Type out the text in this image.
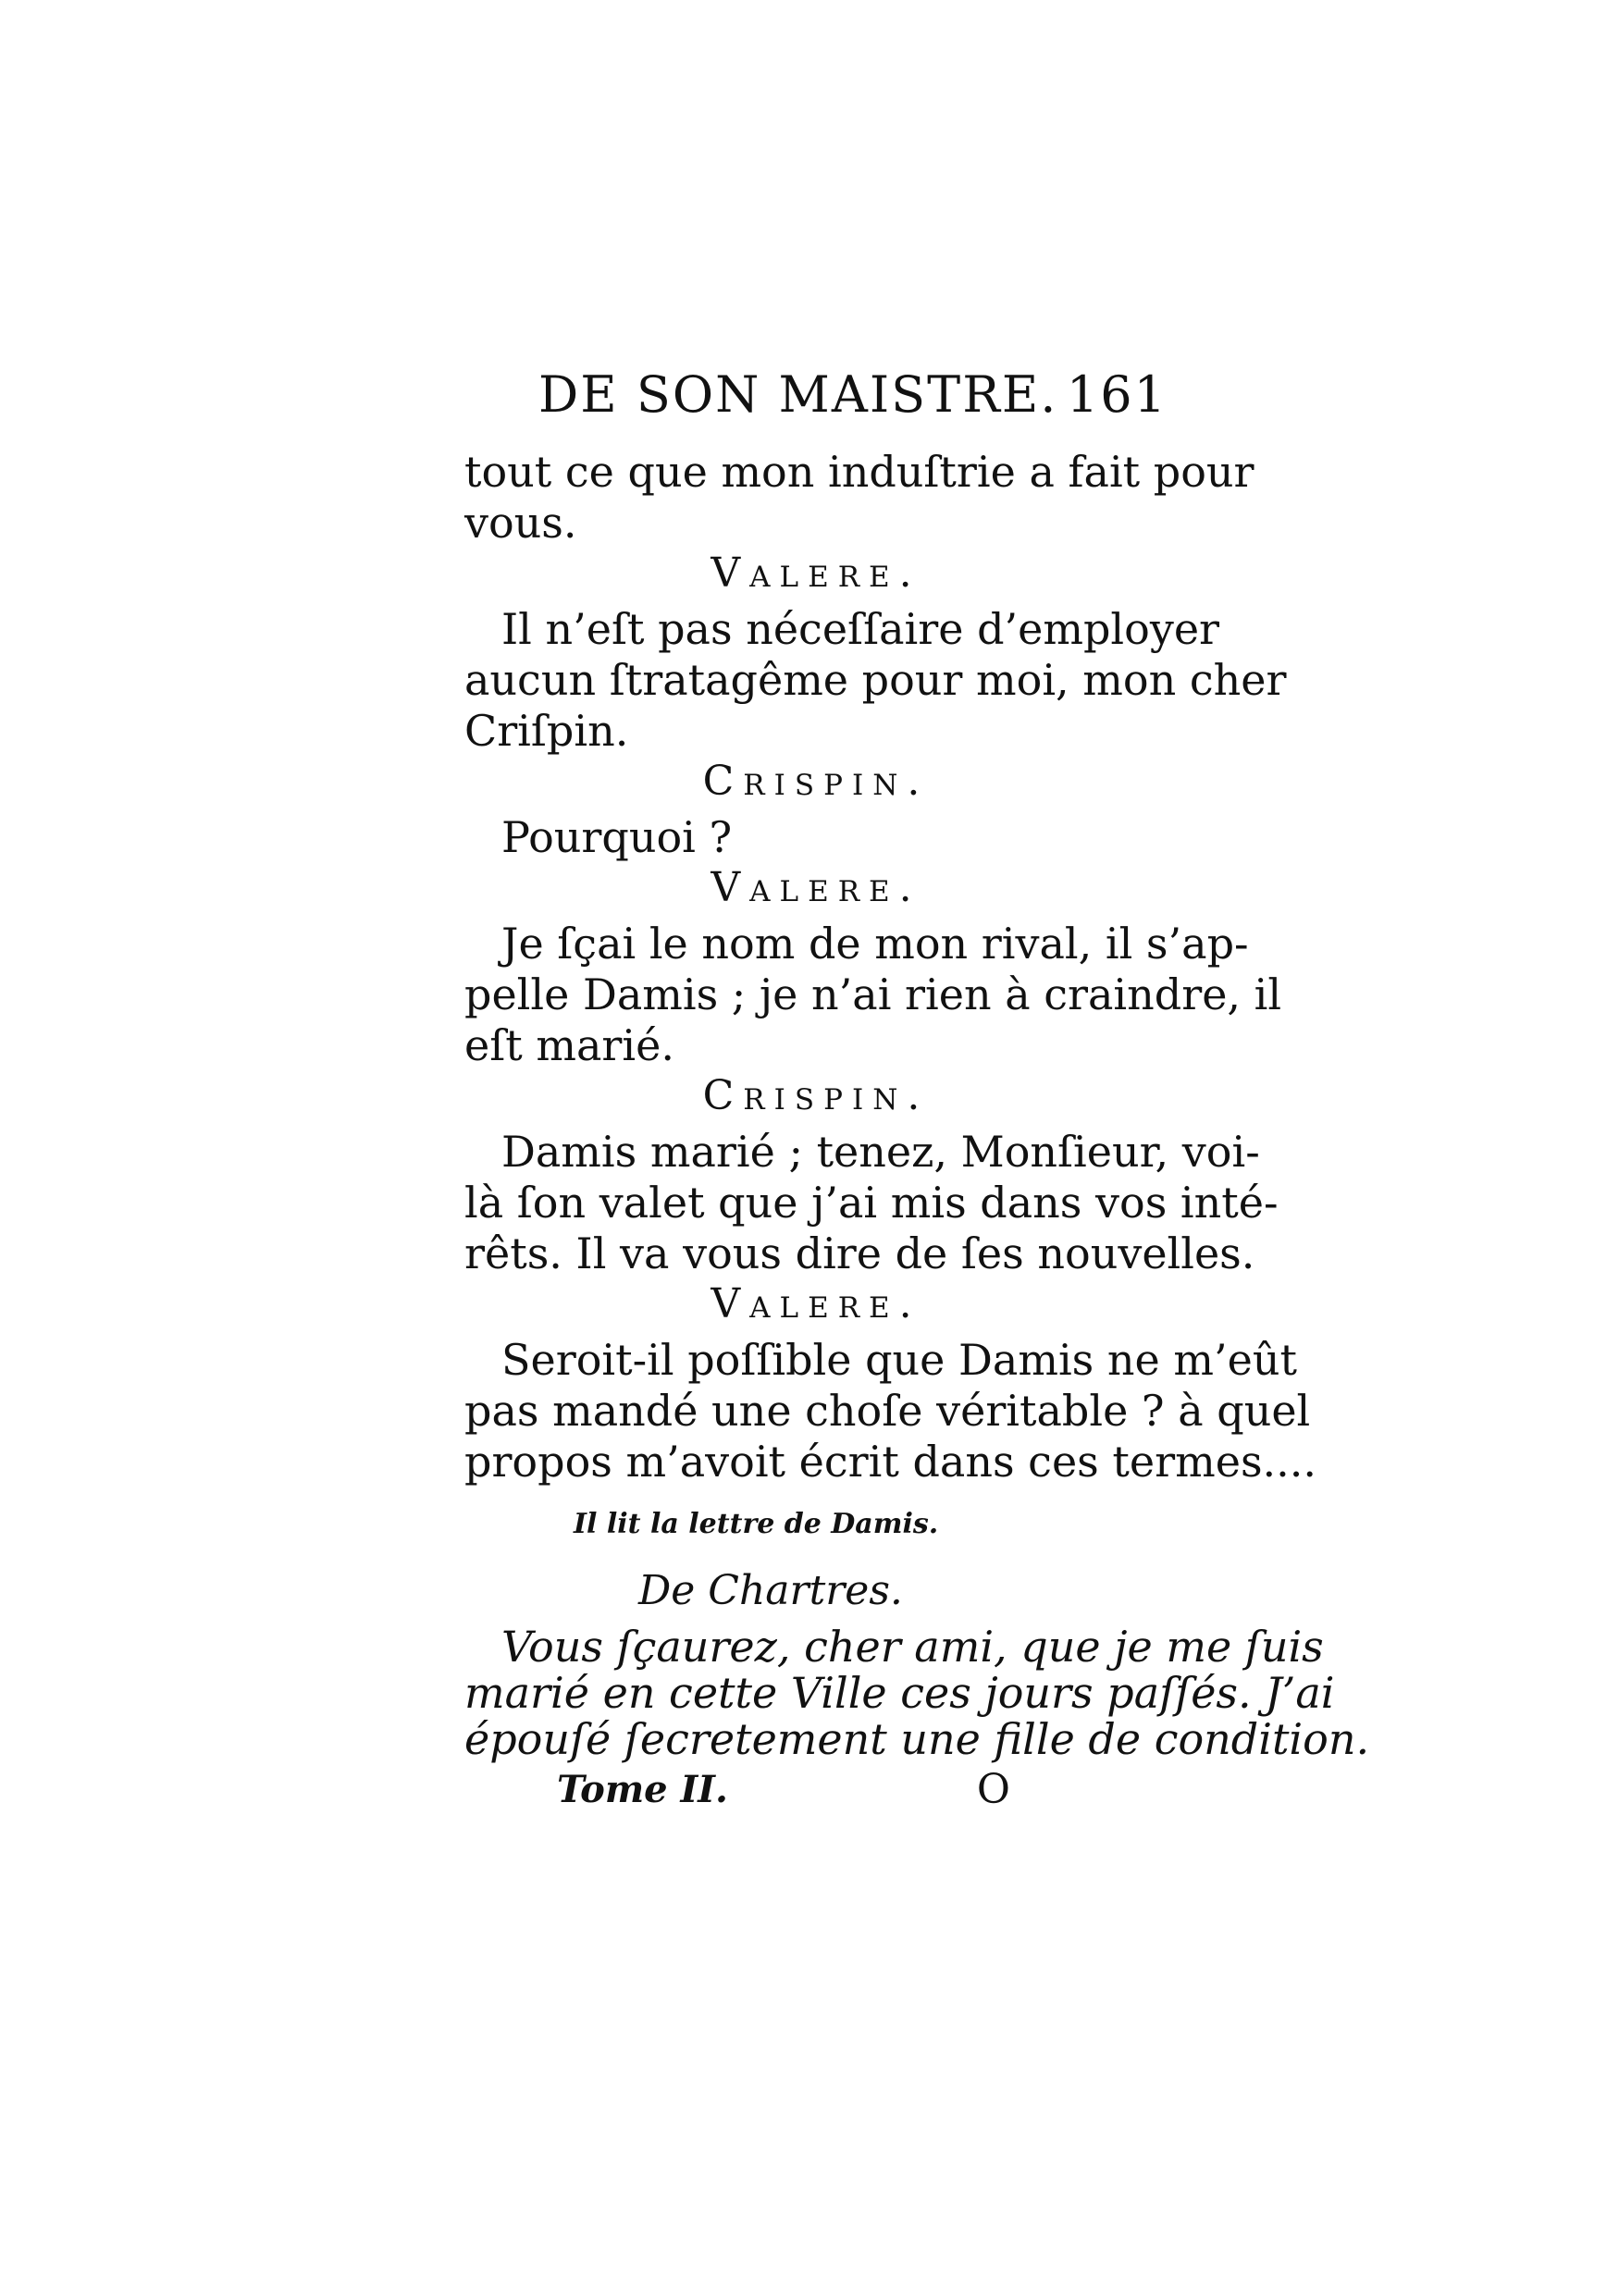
DE SON MAISTRE. 161
tout ce que mon induſtrie a fait pour
vous.
Valere.
Il n’eſt pas néceſſaire d’employer
aucun ſtratagême pour moi, mon cher
Criſpin.
Crispin.
Pourquoi ?
Valere.
Je ſçai le nom de mon rival, il s’ap-
pelle Damis ; je n’ai rien à craindre, il
eſt marié.
Crispin.
Damis marié ; tenez, Monſieur, voi-
là ſon valet que j’ai mis dans vos inté-
rêts. Il va vous dire de ſes nouvelles.
Valere.
Seroit-il poſſible que Damis ne m’eût
pas mandé une choſe véritable ? à quel
propos m’avoit écrit dans ces termes....
Il lit la lettre de Damis.
De Chartres.
Vous ſçaurez, cher ami, que je me ſuis
marié en cette Ville ces jours paſſés. J’ai
épouſé ſecretement une fille de condition.
Tome II.	O
